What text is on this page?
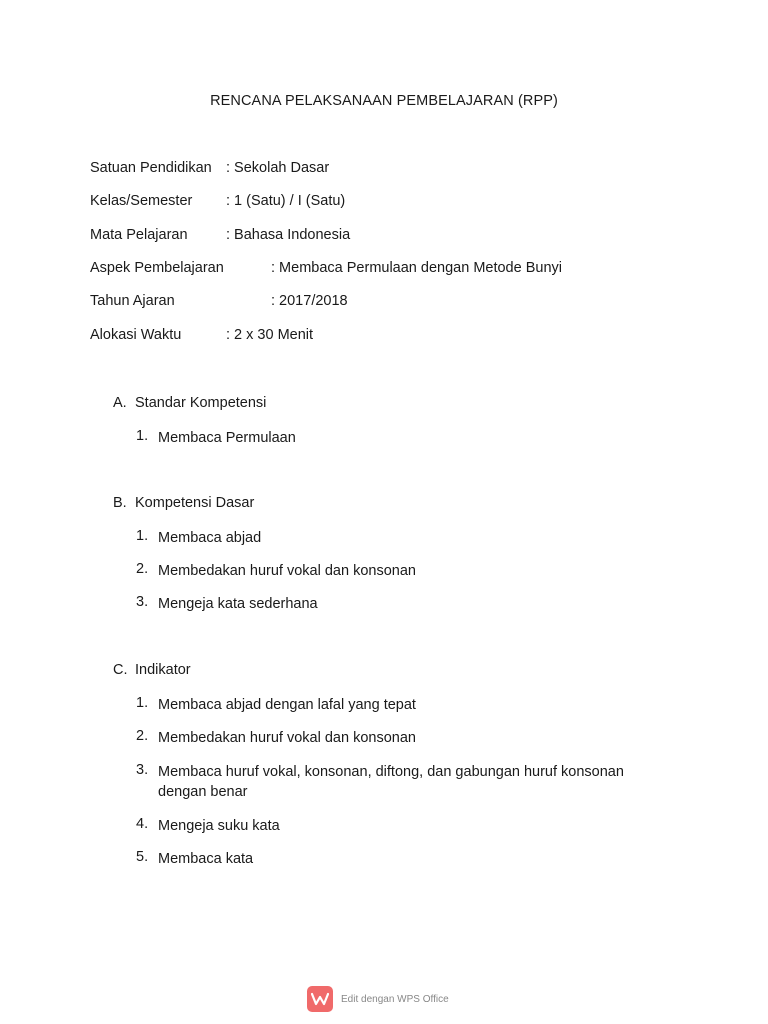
RENCANA PELAKSANAAN PEMBELAJARAN (RPP)
Satuan Pendidikan : Sekolah Dasar
Kelas/Semester : 1 (Satu) / I (Satu)
Mata Pelajaran	: Bahasa Indonesia
Aspek Pembelajaran	: Membaca Permulaan dengan Metode Bunyi
Tahun Ajaran	: 2017/2018
Alokasi Waktu	: 2 x 30 Menit
A. Standar Kompetensi
1. Membaca Permulaan
B. Kompetensi Dasar
1. Membaca abjad
2. Membedakan huruf vokal dan konsonan
3. Mengeja kata sederhana
C. Indikator
1. Membaca abjad dengan lafal yang tepat
2. Membedakan huruf vokal dan konsonan
3. Membaca huruf vokal, konsonan, diftong, dan gabungan huruf konsonan dengan benar
4. Mengeja suku kata
5. Membaca kata
Edit dengan WPS Office
